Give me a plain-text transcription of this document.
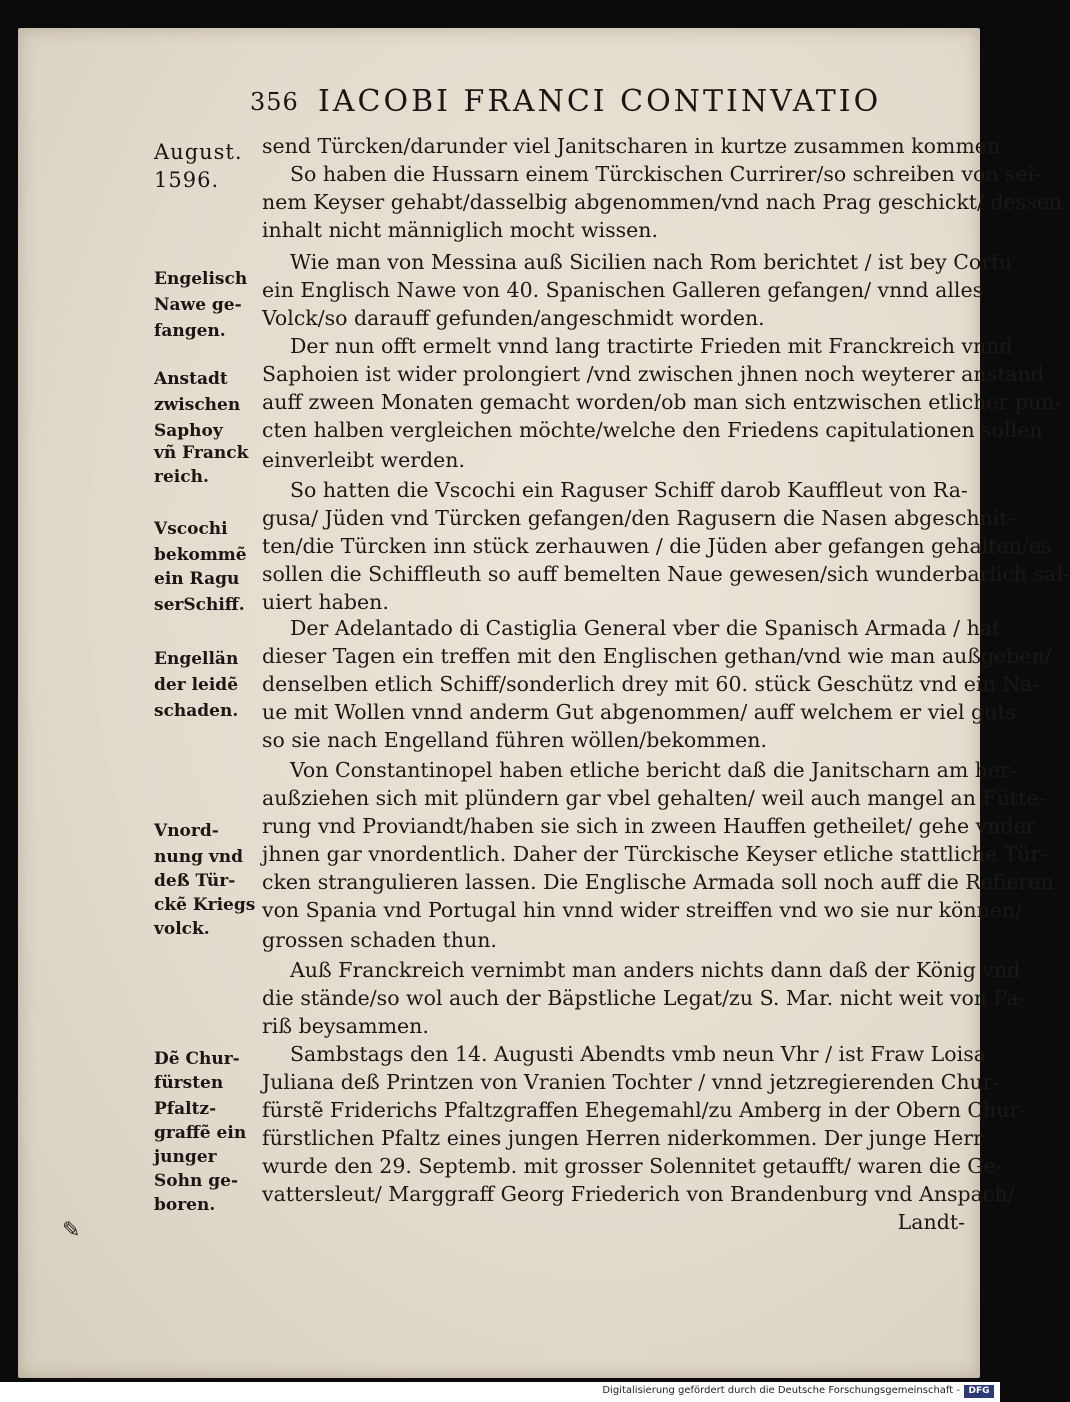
356 IACOBI FRANCI CONTINVATIO
August.
1596.
Engelisch
Nawe ge-
fangen.
Anstadt
zwischen
Saphoy
vñ Franck
reich.
Vscochi
bekommẽ
ein Ragu
serSchiff.
Engellän
der leidẽ
schaden.
Vnord-
nung vnd
deß Tür-
ckẽ Kriegs
volck.
Dẽ Chur-
fürsten
Pfaltz-
graffẽ ein
junger
Sohn ge-
boren.
send Türcken/darunder viel Janitscharen in kurtze zusammen kommen.
So haben die Hussarn einem Türckischen Currirer/so schreiben von sei-
nem Keyser gehabt/dasselbig abgenommen/vnd nach Prag geschickt/ dessen
inhalt nicht männiglich mocht wissen.
Wie man von Messina auß Sicilien nach Rom berichtet / ist bey Corfu
ein Englisch Nawe von 40. Spanischen Galleren gefangen/ vnnd alles
Volck/so darauff gefunden/angeschmidt worden.
Der nun offt ermelt vnnd lang tractirte Frieden mit Franckreich vnnd
Saphoien ist wider prolongiert /vnd zwischen jhnen noch weyterer anstand
auff zween Monaten gemacht worden/ob man sich entzwischen etlicher pun-
cten halben vergleichen möchte/welche den Friedens capitulationen sollen
einverleibt werden.
So hatten die Vscochi ein Raguser Schiff darob Kauffleut von Ra-
gusa/ Jüden vnd Türcken gefangen/den Ragusern die Nasen abgeschnit-
ten/die Türcken inn stück zerhauwen / die Jüden aber gefangen gehalten/es
sollen die Schiffleuth so auff bemelten Naue gewesen/sich wunderbarlich sal-
uiert haben.
Der Adelantado di Castiglia General vber die Spanisch Armada / hat
dieser Tagen ein treffen mit den Englischen gethan/vnd wie man außgeben/
denselben etlich Schiff/sonderlich drey mit 60. stück Geschütz vnd ein Na-
ue mit Wollen vnnd anderm Gut abgenommen/ auff welchem er viel guts
so sie nach Engelland führen wöllen/bekommen.
Von Constantinopel haben etliche bericht daß die Janitscharn am her-
außziehen sich mit plündern gar vbel gehalten/ weil auch mangel an Fütte-
rung vnd Proviandt/haben sie sich in zween Hauffen getheilet/ gehe vnder
jhnen gar vnordentlich. Daher der Türckische Keyser etliche stattliche Tür-
cken strangulieren lassen. Die Englische Armada soll noch auff die Refieren
von Spania vnd Portugal hin vnnd wider streiffen vnd wo sie nur können/
grossen schaden thun.
Auß Franckreich vernimbt man anders nichts dann daß der König vnd
die stände/so wol auch der Bäpstliche Legat/zu S. Mar. nicht weit von Pa-
riß beysammen.
Sambstags den 14. Augusti Abendts vmb neun Vhr / ist Fraw Loisa
Juliana deß Printzen von Vranien Tochter / vnnd jetzregierenden Chur-
fürstẽ Friderichs Pfaltzgraffen Ehegemahl/zu Amberg in der Obern Chur-
fürstlichen Pfaltz eines jungen Herren niderkommen. Der junge Herr
wurde den 29. Septemb. mit grosser Solennitet getaufft/ waren die Ge-
vattersleut/ Marggraff Georg Friederich von Brandenburg vnd Anspach/
Landt-
✎
Digitalisierung gefördert durch die Deutsche Forschungsgemeinschaft - DFG
